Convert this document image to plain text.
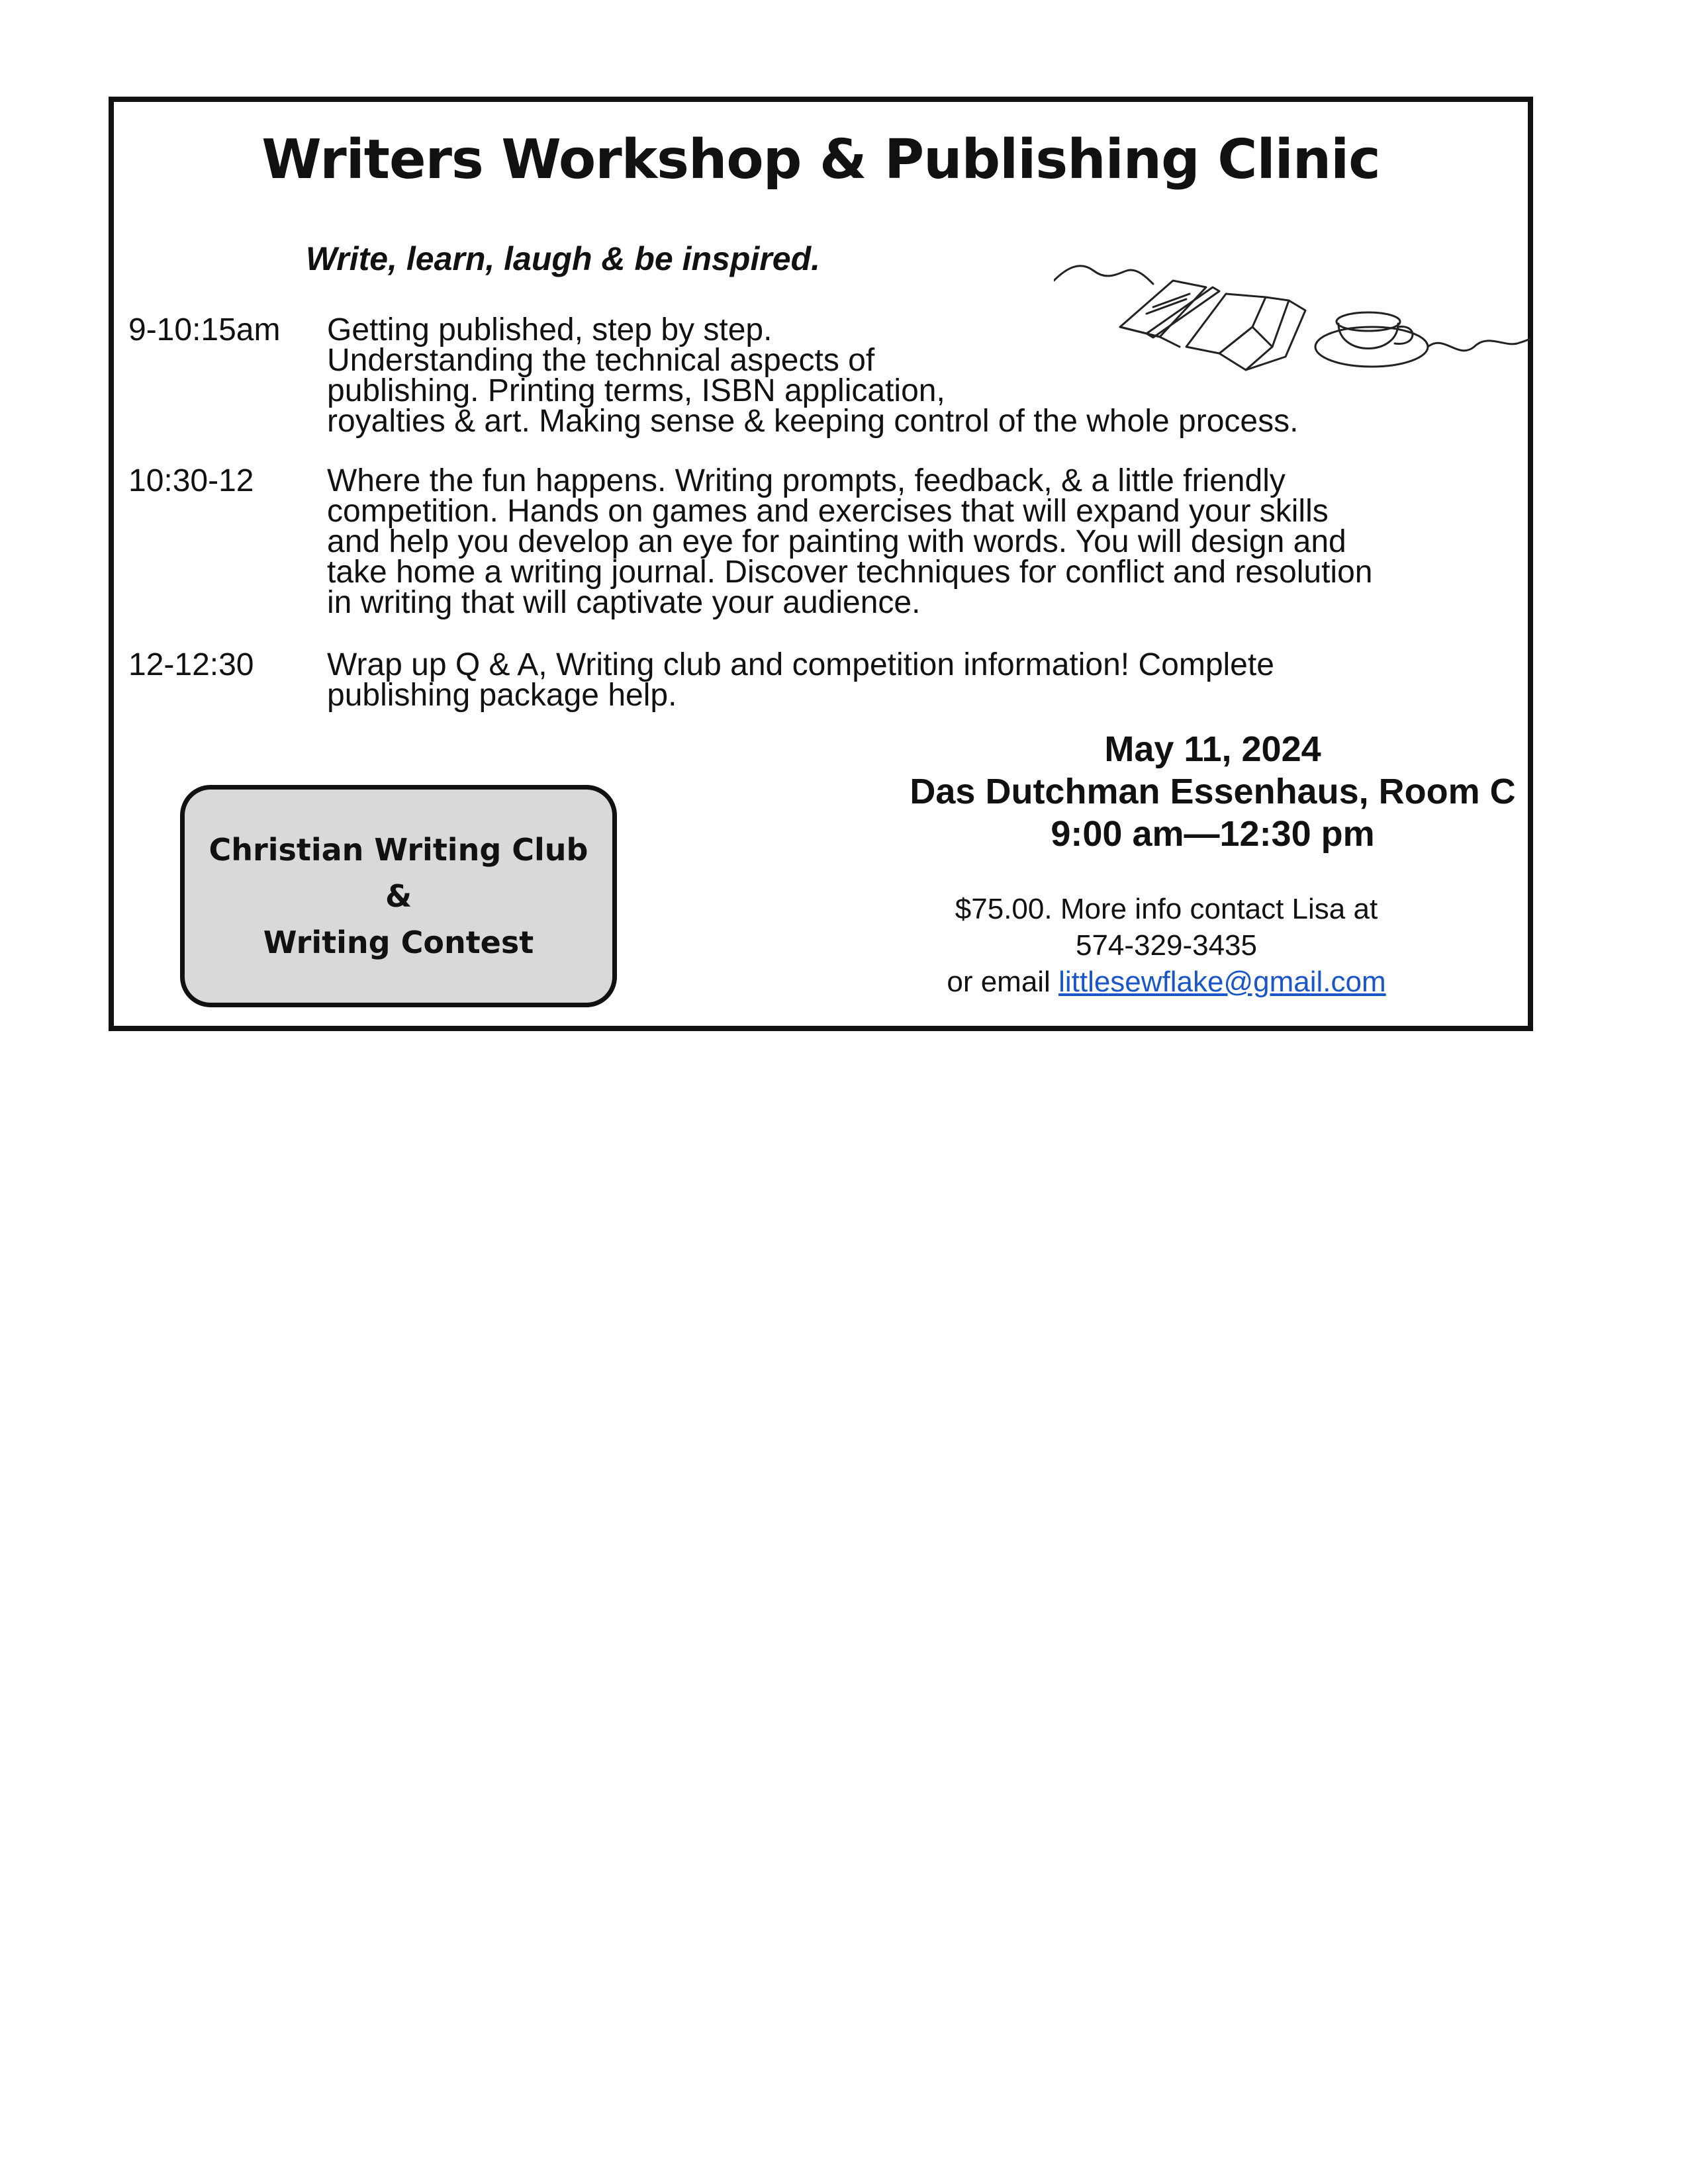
Writers Workshop & Publishing Clinic

Write, learn, laugh & be inspired.

9-10:15am Getting published, step by step.
Understanding the technical aspects of
publishing. Printing terms, ISBN application,
royalties & art. Making sense & keeping control of the whole process.
10:30-12 Where the fun happens. Writing prompts, feedback, & a little friendly
competition. Hands on games and exercises that will expand your skills
and help you develop an eye for painting with words. You will design and
take home a writing journal. Discover techniques for conflict and resolution
in writing that will captivate your audience.
12-12:30 Wrap up Q & A, Writing club and competition information! Complete
publishing package help.
Christian Writing Club
&
Writing Contest
May 11, 2024
Das Dutchman Essenhaus, Room C
9:00 am—12:30 pm
$75.00. More info contact Lisa at
574-329-3435
or email littlesewflake@gmail.com
